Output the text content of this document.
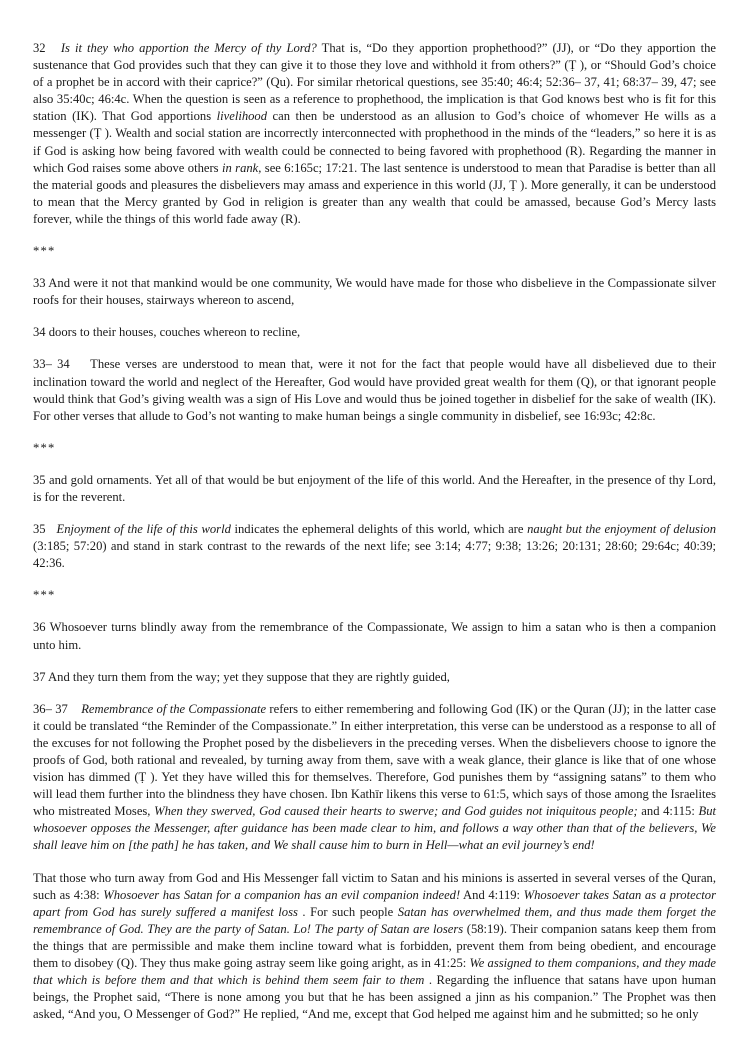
32 Is it they who apportion the Mercy of thy Lord? That is, “Do they apportion prophethood?” (JJ), or “Do they apportion the sustenance that God provides such that they can give it to those they love and withhold it from others?” (Ṭ ), or “Should God’s choice of a prophet be in accord with their caprice?” (Qu). For similar rhetorical questions, see 35:40; 46:4; 52:36– 37, 41; 68:37– 39, 47; see also 35:40c; 46:4c. When the question is seen as a reference to prophethood, the implication is that God knows best who is fit for this station (IK). That God apportions livelihood can then be understood as an allusion to God’s choice of whomever He wills as a messenger (Ṭ ). Wealth and social station are incorrectly interconnected with prophethood in the minds of the “leaders,” so here it is as if God is asking how being favored with wealth could be connected to being favored with prophethood (R). Regarding the manner in which God raises some above others in rank, see 6:165c; 17:21. The last sentence is understood to mean that Paradise is better than all the material goods and pleasures the disbelievers may amass and experience in this world (JJ, Ṭ ). More generally, it can be understood to mean that the Mercy granted by God in religion is greater than any wealth that could be amassed, because God’s Mercy lasts forever, while the things of this world fade away (R).

***

33 And were it not that mankind would be one community, We would have made for those who disbelieve in the Compassionate silver roofs for their houses, stairways whereon to ascend,

34 doors to their houses, couches whereon to recline,

33– 34 These verses are understood to mean that, were it not for the fact that people would have all disbelieved due to their inclination toward the world and neglect of the Hereafter, God would have provided great wealth for them (Q), or that ignorant people would think that God’s giving wealth was a sign of His Love and would thus be joined together in disbelief for the sake of wealth (IK). For other verses that allude to God’s not wanting to make human beings a single community in disbelief, see 16:93c; 42:8c.

***

35 and gold ornaments. Yet all of that would be but enjoyment of the life of this world. And the Hereafter, in the presence of thy Lord, is for the reverent.

35 Enjoyment of the life of this world indicates the ephemeral delights of this world, which are naught but the enjoyment of delusion (3:185; 57:20) and stand in stark contrast to the rewards of the next life; see 3:14; 4:77; 9:38; 13:26; 20:131; 28:60; 29:64c; 40:39; 42:36.

***

36 Whosoever turns blindly away from the remembrance of the Compassionate, We assign to him a satan who is then a companion unto him.

37 And they turn them from the way; yet they suppose that they are rightly guided,

36– 37 Remembrance of the Compassionate refers to either remembering and following God (IK) or the Quran (JJ); in the latter case it could be translated “the Reminder of the Compassionate.” In either interpretation, this verse can be understood as a response to all of the excuses for not following the Prophet posed by the disbelievers in the preceding verses. When the disbelievers choose to ignore the proofs of God, both rational and revealed, by turning away from them, save with a weak glance, their glance is like that of one whose vision has dimmed (Ṭ ). Yet they have willed this for themselves. Therefore, God punishes them by “assigning satans” to them who will lead them further into the blindness they have chosen. Ibn Kathīr likens this verse to 61:5, which says of those among the Israelites who mistreated Moses, When they swerved, God caused their hearts to swerve; and God guides not iniquitous people; and 4:115: But whosoever opposes the Messenger, after guidance has been made clear to him, and follows a way other than that of the believers, We shall leave him on [the path] he has taken, and We shall cause him to burn in Hell—what an evil journey’s end!

That those who turn away from God and His Messenger fall victim to Satan and his minions is asserted in several verses of the Quran, such as 4:38: Whosoever has Satan for a companion has an evil companion indeed! And 4:119: Whosoever takes Satan as a protector apart from God has surely suffered a manifest loss . For such people Satan has overwhelmed them, and thus made them forget the remembrance of God. They are the party of Satan. Lo! The party of Satan are losers (58:19). Their companion satans keep them from the things that are permissible and make them incline toward what is forbidden, prevent them from being obedient, and encourage them to disobey (Q). They thus make going astray seem like going aright, as in 41:25: We assigned to them companions, and they made that which is before them and that which is behind them seem fair to them . Regarding the influence that satans have upon human beings, the Prophet said, “There is none among you but that he has been assigned a jinn as his companion.” The Prophet was then asked, “And you, O Messenger of God?” He replied, “And me, except that God helped me against him and he submitted; so he only
